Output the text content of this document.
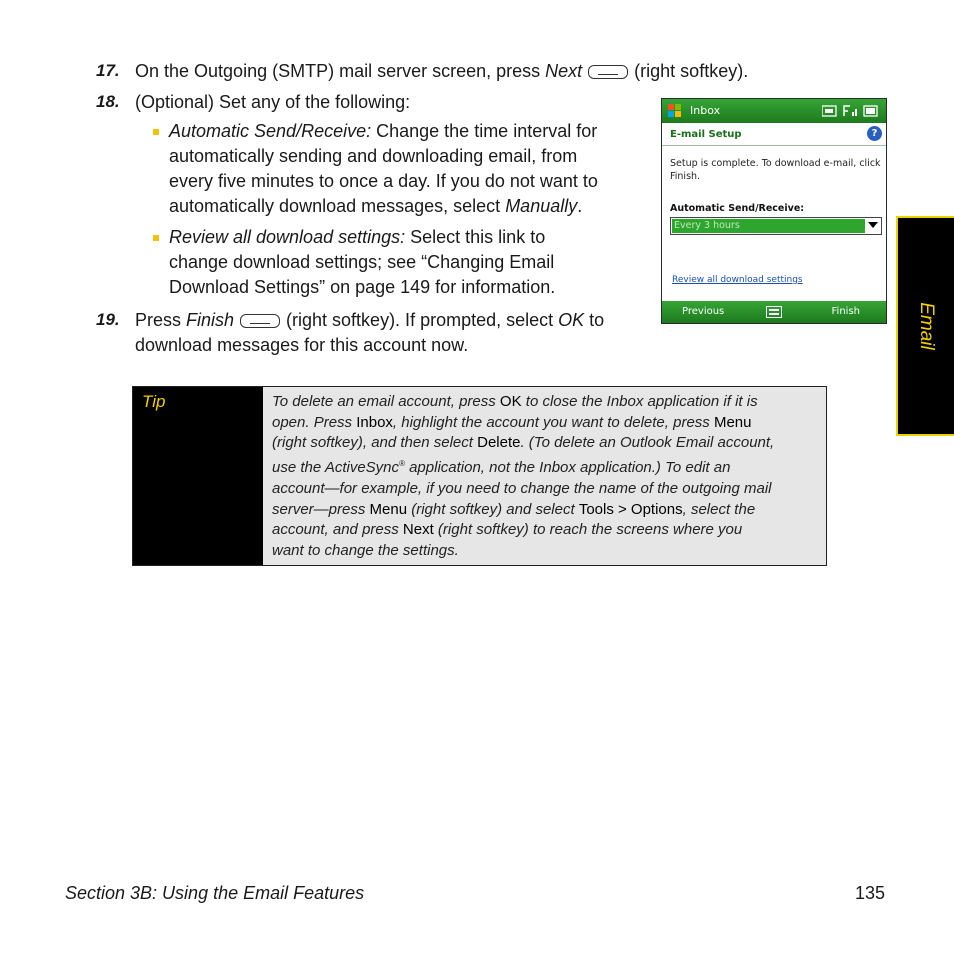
17. On the Outgoing (SMTP) mail server screen, press Next	(right softkey).
18. (Optional) Set any of the following:
Automatic Send/Receive: Change the time interval for
automatically sending and downloading email, from
every five minutes to once a day. If you do not want to
automatically download messages, select Manually.
Review all download settings: Select this link to
change download settings; see “Changing Email
Download Settings” on page 149 for information.
19. Press Finish	(right softkey). If prompted, select OK to
download messages for this account now.
Inbox
E-mail Setup	?
Setup is complete. To download e-mail, click
Finish.
Automatic Send/Receive:
Every 3 hours
Review all download settings
Previous	Finish
Tip	To delete an email account, press OK to close the Inbox application if it is
open. Press Inbox, highlight the account you want to delete, press Menu
(right softkey), and then select Delete. (To delete an Outlook Email account,
use the ActiveSync® application, not the Inbox application.) To edit an
account—for example, if you need to change the name of the outgoing mail
server—press Menu (right softkey) and select Tools > Options, select the
account, and press Next (right softkey) to reach the screens where you
want to change the settings.
Email
Section 3B: Using the Email Features	135
